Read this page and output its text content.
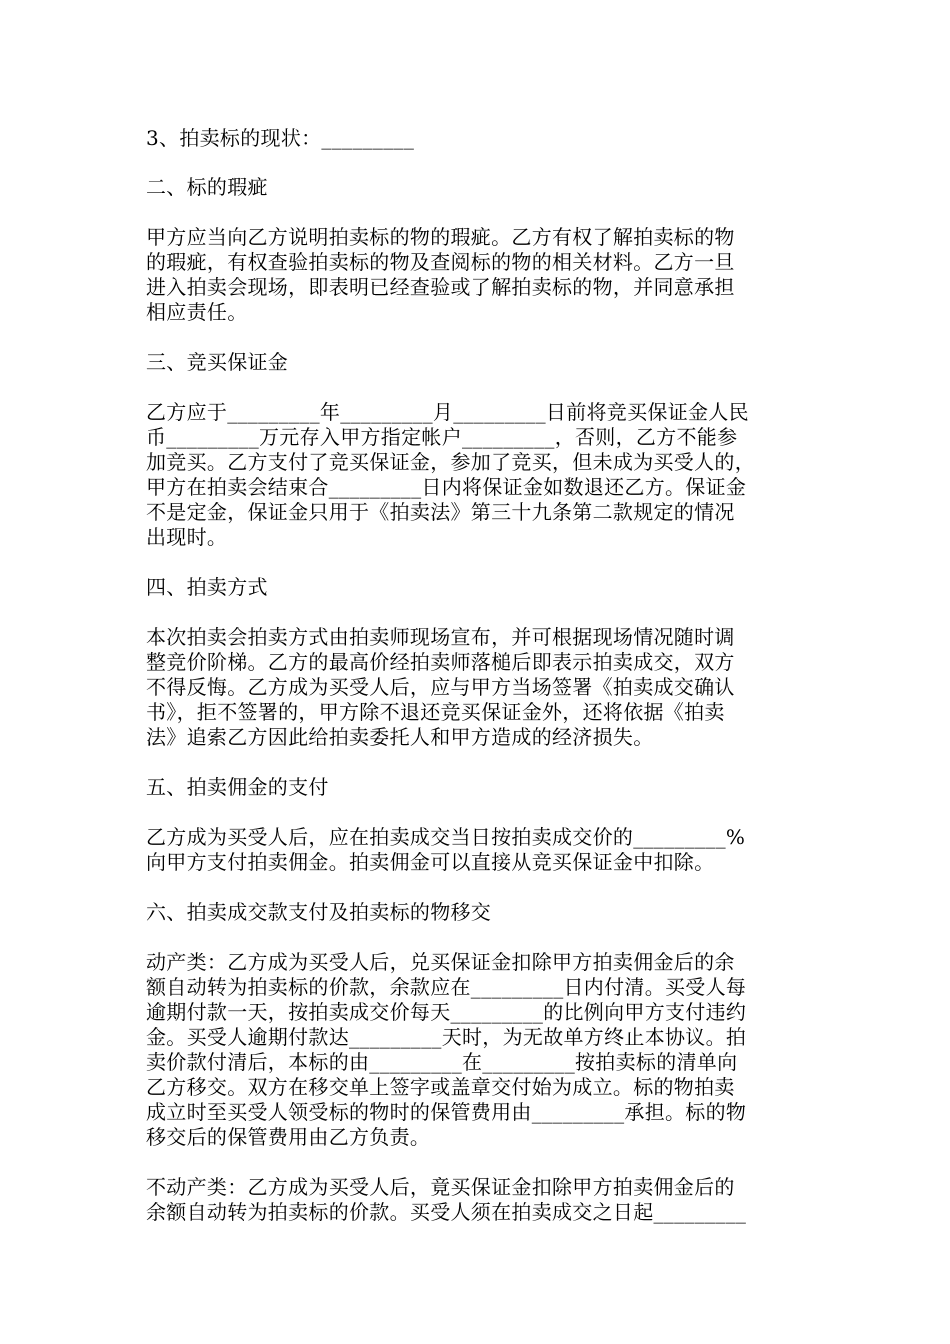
3、拍卖标的现状：_________
二、标的瑕疵
甲方应当向乙方说明拍卖标的物的瑕疵。乙方有权了解拍卖标的物
的瑕疵，有权查验拍卖标的物及查阅标的物的相关材料。乙方一旦
进入拍卖会现场，即表明已经查验或了解拍卖标的物，并同意承担
相应责任。
三、竞买保证金
乙方应于_________年_________月_________日前将竞买保证金人民
币_________万元存入甲方指定帐户_________，否则，乙方不能参
加竞买。乙方支付了竞买保证金，参加了竞买，但未成为买受人的，
甲方在拍卖会结束合_________日内将保证金如数退还乙方。保证金
不是定金，保证金只用于《拍卖法》第三十九条第二款规定的情况
出现时。
四、拍卖方式
本次拍卖会拍卖方式由拍卖师现场宣布，并可根据现场情况随时调
整竞价阶梯。乙方的最高价经拍卖师落槌后即表示拍卖成交，双方
不得反悔。乙方成为买受人后，应与甲方当场签署《拍卖成交确认
书》，拒不签署的，甲方除不退还竞买保证金外，还将依据《拍卖
法》追索乙方因此给拍卖委托人和甲方造成的经济损失。
五、拍卖佣金的支付
乙方成为买受人后，应在拍卖成交当日按拍卖成交价的_________%
向甲方支付拍卖佣金。拍卖佣金可以直接从竞买保证金中扣除。
六、拍卖成交款支付及拍卖标的物移交
动产类：乙方成为买受人后，兑买保证金扣除甲方拍卖佣金后的余
额自动转为拍卖标的价款，余款应在_________日内付清。买受人每
逾期付款一天，按拍卖成交价每天_________的比例向甲方支付违约
金。买受人逾期付款达_________天时，为无故单方终止本协议。拍
卖价款付清后，本标的由_________在_________按拍卖标的清单向
乙方移交。双方在移交单上签字或盖章交付始为成立。标的物拍卖
成立时至买受人领受标的物时的保管费用由_________承担。标的物
移交后的保管费用由乙方负责。
不动产类：乙方成为买受人后，竟买保证金扣除甲方拍卖佣金后的
余额自动转为拍卖标的价款。买受人须在拍卖成交之日起_________
